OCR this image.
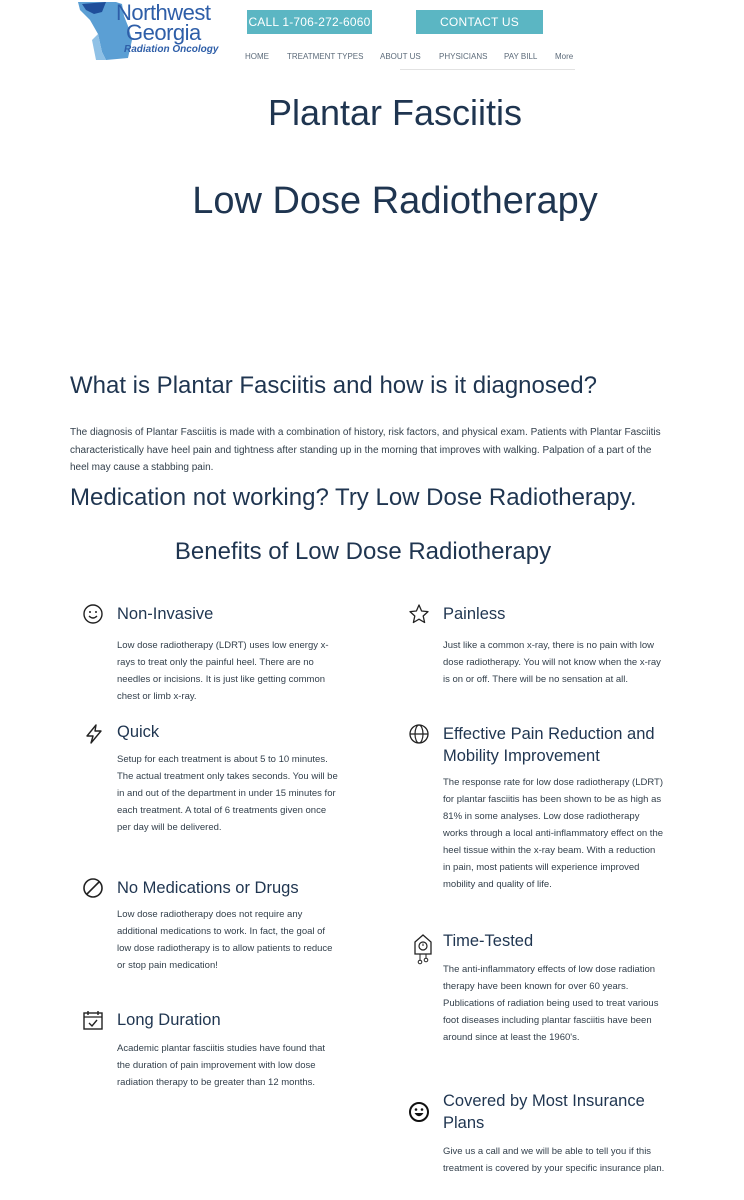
Northwest
Georgia
Radiation Oncology
CALL 1-706-272-6060	CONTACT US
HOME TREATMENT TYPES ABOUT US PHYSICIANS PAY BILL More
Plantar Fasciitis
Low Dose Radiotherapy
What is Plantar Fasciitis and how is it diagnosed?
The diagnosis of Plantar Fasciitis is made with a combination of history, risk factors, and physical exam. Patients with Plantar Fasciitis characteristically have heel pain and tightness after standing up in the morning that improves with walking. Palpation of a part of the heel may cause a stabbing pain.
Medication not working? Try Low Dose Radiotherapy.
Benefits of Low Dose Radiotherapy
Non-Invasive
Low dose radiotherapy (LDRT) uses low energy x-rays to treat only the painful heel. There are no needles or incisions. It is just like getting common chest or limb x-ray.
Quick
Setup for each treatment is about 5 to 10 minutes. The actual treatment only takes seconds. You will be in and out of the department in under 15 minutes for each treatment. A total of 6 treatments given once per day will be delivered.
No Medications or Drugs
Low dose radiotherapy does not require any additional medications to work. In fact, the goal of low dose radiotherapy is to allow patients to reduce or stop pain medication!
Long Duration
Academic plantar fasciitis studies have found that the duration of pain improvement with low dose radiation therapy to be greater than 12 months.
Painless
Just like a common x-ray, there is no pain with low dose radiotherapy. You will not know when the x-ray is on or off. There will be no sensation at all.
Effective Pain Reduction and Mobility Improvement
The response rate for low dose radiotherapy (LDRT) for plantar fasciitis has been shown to be as high as 81% in some analyses. Low dose radiotherapy works through a local anti-inflammatory effect on the heel tissue within the x-ray beam. With a reduction in pain, most patients will experience improved mobility and quality of life.
Time-Tested
The anti-inflammatory effects of low dose radiation therapy have been known for over 60 years. Publications of radiation being used to treat various foot diseases including plantar fasciitis have been around since at least the 1960's.
Covered by Most Insurance Plans
Give us a call and we will be able to tell you if this treatment is covered by your specific insurance plan.
